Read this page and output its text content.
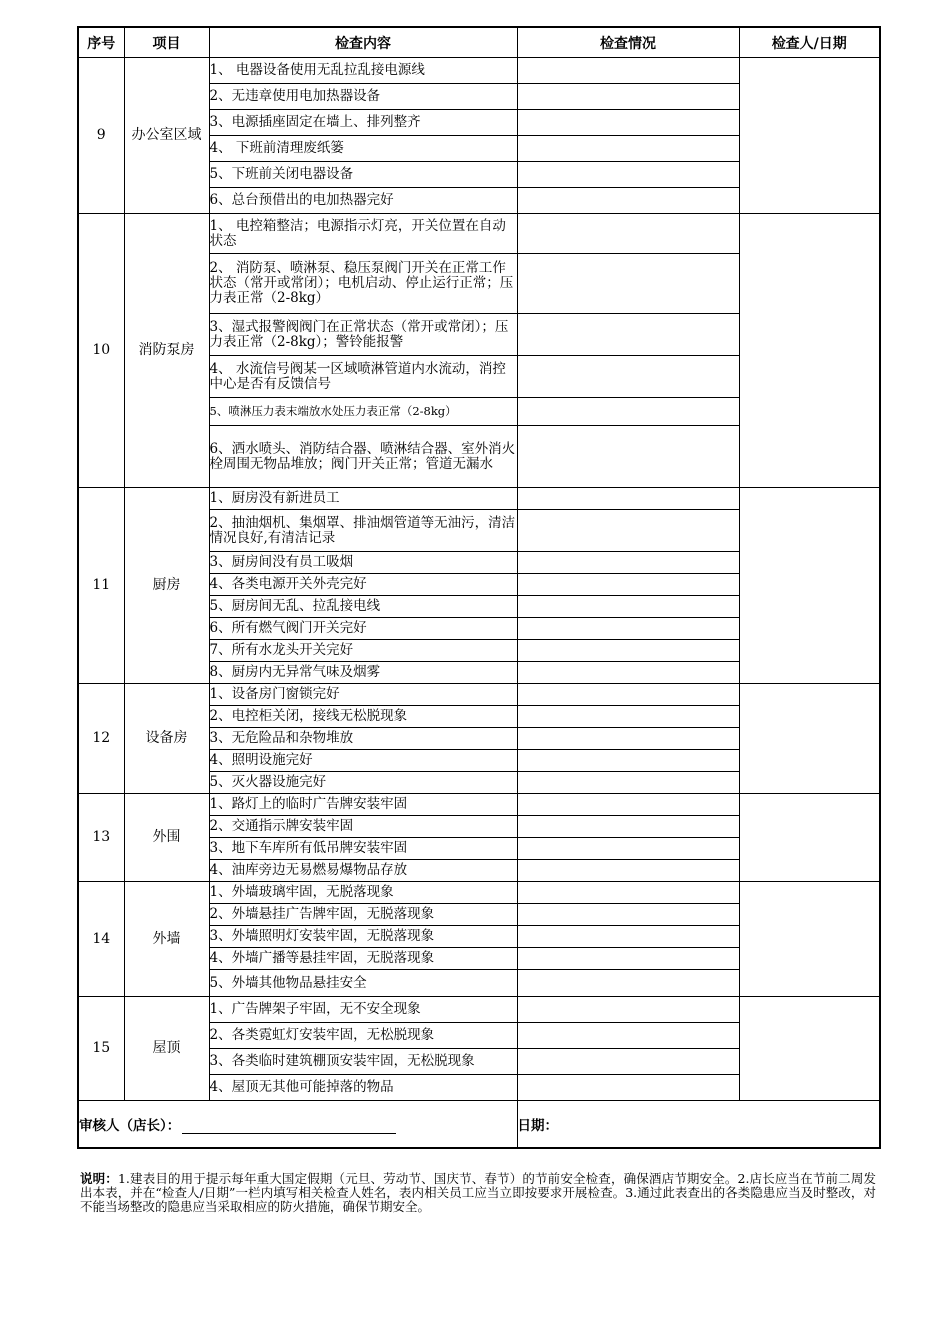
序号	项目	检查内容	检查情况	检查人/日期
9	办公室区域	1、 电器设备使用无乱拉乱接电源线		
		2、无违章使用电加热器设备		
		3、电源插座固定在墙上、排列整齐		
		4、 下班前清理废纸篓		
		5、下班前关闭电器设备		
		6、总台预借出的电加热器完好		
10	消防泵房	1、 电控箱整洁；电源指示灯亮，开关位置在自动状态		
		2、 消防泵、喷淋泵、稳压泵阀门开关在正常工作状态（常开或常闭）；电机启动、停止运行正常；压力表正常（2-8kg）		
		3、湿式报警阀阀门在正常状态（常开或常闭）；压力表正常（2-8kg）；警铃能报警		
		4、 水流信号阀某一区域喷淋管道内水流动，消控中心是否有反馈信号		
		5、喷淋压力表末端放水处压力表正常（2-8kg）		
		6、洒水喷头、消防结合器、喷淋结合器、室外消火栓周围无物品堆放；阀门开关正常；管道无漏水		
11	厨房	1、厨房没有新进员工		
		2、抽油烟机、集烟罩、排油烟管道等无油污，清洁情况良好,有清洁记录		
		3、厨房间没有员工吸烟		
		4、各类电源开关外壳完好		
		5、厨房间无乱、拉乱接电线		
		6、所有燃气阀门开关完好		
		7、所有水龙头开关完好		
		8、厨房内无异常气味及烟雾		
12	设备房	1、设备房门窗锁完好		
		2、电控柜关闭，接线无松脱现象		
		3、无危险品和杂物堆放		
		4、照明设施完好		
		5、灭火器设施完好		
13	外围	1、路灯上的临时广告牌安装牢固		
		2、交通指示牌安装牢固		
		3、地下车库所有低吊牌安装牢固		
		4、油库旁边无易燃易爆物品存放		
14	外墙	1、外墙玻璃牢固，无脱落现象		
		2、外墙悬挂广告牌牢固，无脱落现象		
		3、外墙照明灯安装牢固，无脱落现象		
		4、外墙广播等悬挂牢固，无脱落现象		
		5、外墙其他物品悬挂安全		
15	屋顶	1、广告牌架子牢固，无不安全现象		
		2、各类霓虹灯安装牢固，无松脱现象		
		3、各类临时建筑棚顶安装牢固，无松脱现象		
		4、屋顶无其他可能掉落的物品		
审核人（店长）：			日期：	
说明：1.建表目的用于提示每年重大国定假期（元旦、劳动节、国庆节、春节）的节前安全检查，确保酒店节期安全。2.店长应当在节前二周发出本表，并在“检查人/日期”一栏内填写相关检查人姓名，表内相关员工应当立即按要求开展检查。3.通过此表查出的各类隐患应当及时整改，对不能当场整改的隐患应当采取相应的防火措施，确保节期安全。
